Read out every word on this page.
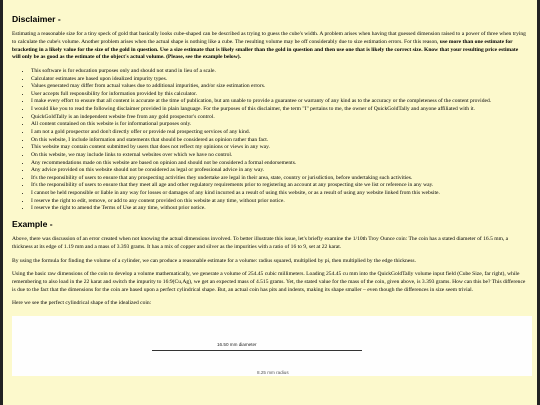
Disclaimer -

Estimating a reasonable size for a tiny speck of gold that basically looks cube-shaped can be described as trying to guess the cube's width. A problem arises when having that guessed dimension raised to a power of three when trying to calculate the cube's volume. Another problem arises when the actual shape is nothing like a cube. The resulting volume may be off considerably due to size estimation errors. For this reason, use more than one estimate for bracketing in a likely value for the size of the gold in question. Use a size estimate that is likely smaller than the gold in question and then use one that is likely the correct size. Know that your resulting price estimate will only be as good as the estimate of the object's actual volume. (Please, see the example below).

• This software is for education purposes only and should not stand in lieu of a scale.
• Calculator estimates are based upon idealized impurity types.
• Values generated may differ from actual values due to additional impurities, and/or size estimation errors.
• User accepts full responsibility for information provided by this calculator.
• I make every effort to ensure that all content is accurate at the time of publication, but am unable to provide a guarantee or warranty of any kind as to the accuracy or the completeness of the content provided.
• I would like you to read the following disclaimer provided in plain language. For the purposes of this disclaimer, the term "I" pertains to me, the owner of QuickGoldTally and anyone affiliated with it.
• QuickGoldTally is an independent website free from any gold prospector's control.
• All content contained on this website is for informational purposes only.
• I am not a gold prospector and don't directly offer or provide real prospecting services of any kind.
• On this website, I include information and statements that should be considered as opinion rather than fact.
• This website may contain content submitted by users that does not reflect my opinions or views in any way.
• On this website, we may include links to external websites over which we have no control.
• Any recommendations made on this website are based on opinion and should not be considered a formal endorsements.
• Any advice provided on this website should not be considered as legal or professional advice in any way.
• It's the responsibility of users to ensure that any prospecting activities they undertake are legal in their area, state, country or jurisdiction, before undertaking such activities.
• It's the responsibility of users to ensure that they meet all age and other regulatory requirements prior to registering an account at any prospecting site we list or reference in any way.
• I cannot be held responsible or liable in any way for losses or damages of any kind incurred as a result of using this website, or as a result of using any website linked from this website.
• I reserve the right to edit, remove, or add to any content provided on this website at any time, without prior notice.
• I reserve the right to amend the Terms of Use at any time, without prior notice.
Example -

Above, there was discussion of an error created when not knowing the actual dimensions involved. To better illustrate this issue, let's briefly examine the 1/10th Troy Ounce coin: The coin has a stated diameter of 16.5 mm, a thickness at its edge of 1.19 mm and a mass of 3.393 grams. It has a mix of copper and silver as the impurities with a ratio of 16 to 9, set at 22 karat.

By using the formula for finding the volume of a cylinder, we can produce a reasonable estimate for a volume: radius squared, multiplied by pi, then multiplied by the edge thickness.

Using the basic raw dimensions of the coin to develop a volume mathematically, we generate a volume of 254.45 cubic millimeters. Loading 254.45 cu mm into the QuickGoldTally volume input field (Cube Size, far right), while remembering to also load in the 22 karat and switch the impurity to 16:9(Cu,Ag), we get an expected mass of 4.515 grams. Yet, the stated value for the mass of the coin, given above, is 3.393 grams. How can this be? This difference is due to the fact that the dimensions for the coin are based upon a perfect cylindrical shape. But, an actual coin has pits and indents, making its shape smaller – even though the differences in size seem trivial.

Here we see the perfect cylindrical shape of the idealized coin:

16.50 mm diameter
8.25 mm radius
